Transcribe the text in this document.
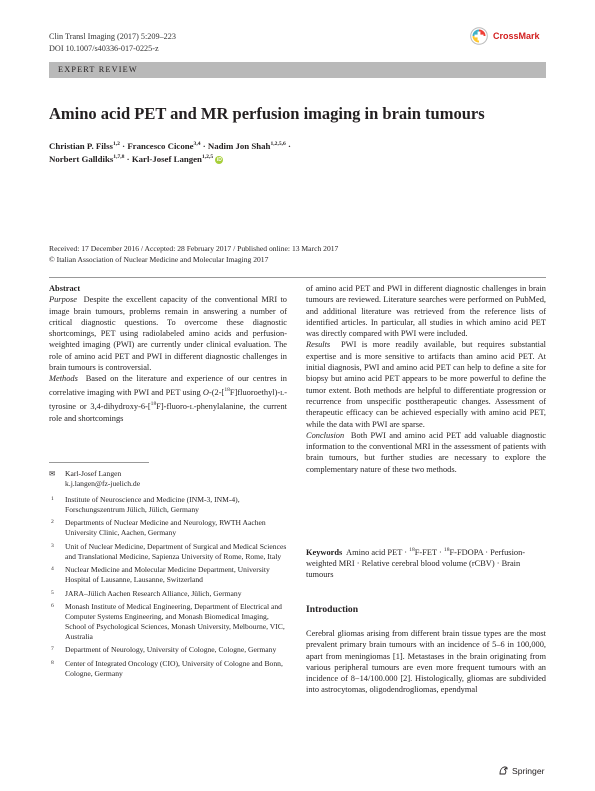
Clin Transl Imaging (2017) 5:209–223
DOI 10.1007/s40336-017-0225-z
CrossMark
EXPERT REVIEW
Amino acid PET and MR perfusion imaging in brain tumours
Christian P. Filss$^{1,2}$ · Francesco Cicone$^{3,4}$ · Nadim Jon Shah$^{1,2,5,6}$ ·
Norbert Galldiks$^{1,7,8}$ · Karl-Josef Langen$^{1,2,5}$ iD
Received: 17 December 2016 / Accepted: 28 February 2017 / Published online: 13 March 2017
© Italian Association of Nuclear Medicine and Molecular Imaging 2017

Abstract

Purpose Despite the excellent capacity of the conventional MRI to image brain tumours, problems remain in answering a number of critical diagnostic questions. To overcome these diagnostic shortcomings, PET using radiolabeled amino acids and perfusion-weighted imaging (PWI) are currently under clinical evaluation. The role of amino acid PET and PWI in different diagnostic challenges in brain tumours is controversial.

Methods Based on the literature and experience of our centres in correlative imaging with PWI and PET using O-(2-[$^{18}$F]fluoroethyl)-L-tyrosine or 3,4-dihydroxy-6-[$^{18}$F]-fluoro-L-phenylalanine, the current role and shortcomings

✉ Karl-Josef Langen
k.j.langen@fz-juelich.de
1 Institute of Neuroscience and Medicine (INM-3, INM-4), Forschungszentrum Jülich, Jülich, Germany
2 Departments of Nuclear Medicine and Neurology, RWTH Aachen University Clinic, Aachen, Germany
3 Unit of Nuclear Medicine, Department of Surgical and Medical Sciences and Translational Medicine, Sapienza University of Rome, Rome, Italy
4 Nuclear Medicine and Molecular Medicine Department, University Hospital of Lausanne, Lausanne, Switzerland
5 JARA–Jülich Aachen Research Alliance, Jülich, Germany
6 Monash Institute of Medical Engineering, Department of Electrical and Computer Systems Engineering, and Monash Biomedical Imaging, School of Psychological Sciences, Monash University, Melbourne, VIC, Australia
7 Department of Neurology, University of Cologne, Cologne, Germany
8 Center of Integrated Oncology (CIO), University of Cologne and Bonn, Cologne, Germany

of amino acid PET and PWI in different diagnostic challenges in brain tumours are reviewed. Literature searches were performed on PubMed, and additional literature was retrieved from the reference lists of identified articles. In particular, all studies in which amino acid PET was directly compared with PWI were included.

Results PWI is more readily available, but requires substantial expertise and is more sensitive to artifacts than amino acid PET. At initial diagnosis, PWI and amino acid PET can help to define a site for biopsy but amino acid PET appears to be more powerful to define the tumor extent. Both methods are helpful to differentiate progression or recurrence from unspecific posttherapeutic changes. Assessment of therapeutic efficacy can be achieved especially with amino acid PET, while the data with PWI are sparse.

Conclusion Both PWI and amino acid PET add valuable diagnostic information to the conventional MRI in the assessment of patients with brain tumours, but further studies are necessary to explore the complementary nature of these two methods.

Keywords Amino acid PET · $^{18}$F-FET · $^{18}$F-FDOPA · Perfusion-weighted MRI · Relative cerebral blood volume (rCBV) · Brain tumours
Introduction
Cerebral gliomas arising from different brain tissue types are the most prevalent primary brain tumours with an incidence of 5–6 in 100,000, apart from meningiomas [1]. Metastases in the brain originating from various peripheral tumours are even more frequent tumours with an incidence of 8−14/100.000 [2]. Histologically, gliomas are subdivided into astrocytomas, oligodendrogliomas, ependymal
Springer
